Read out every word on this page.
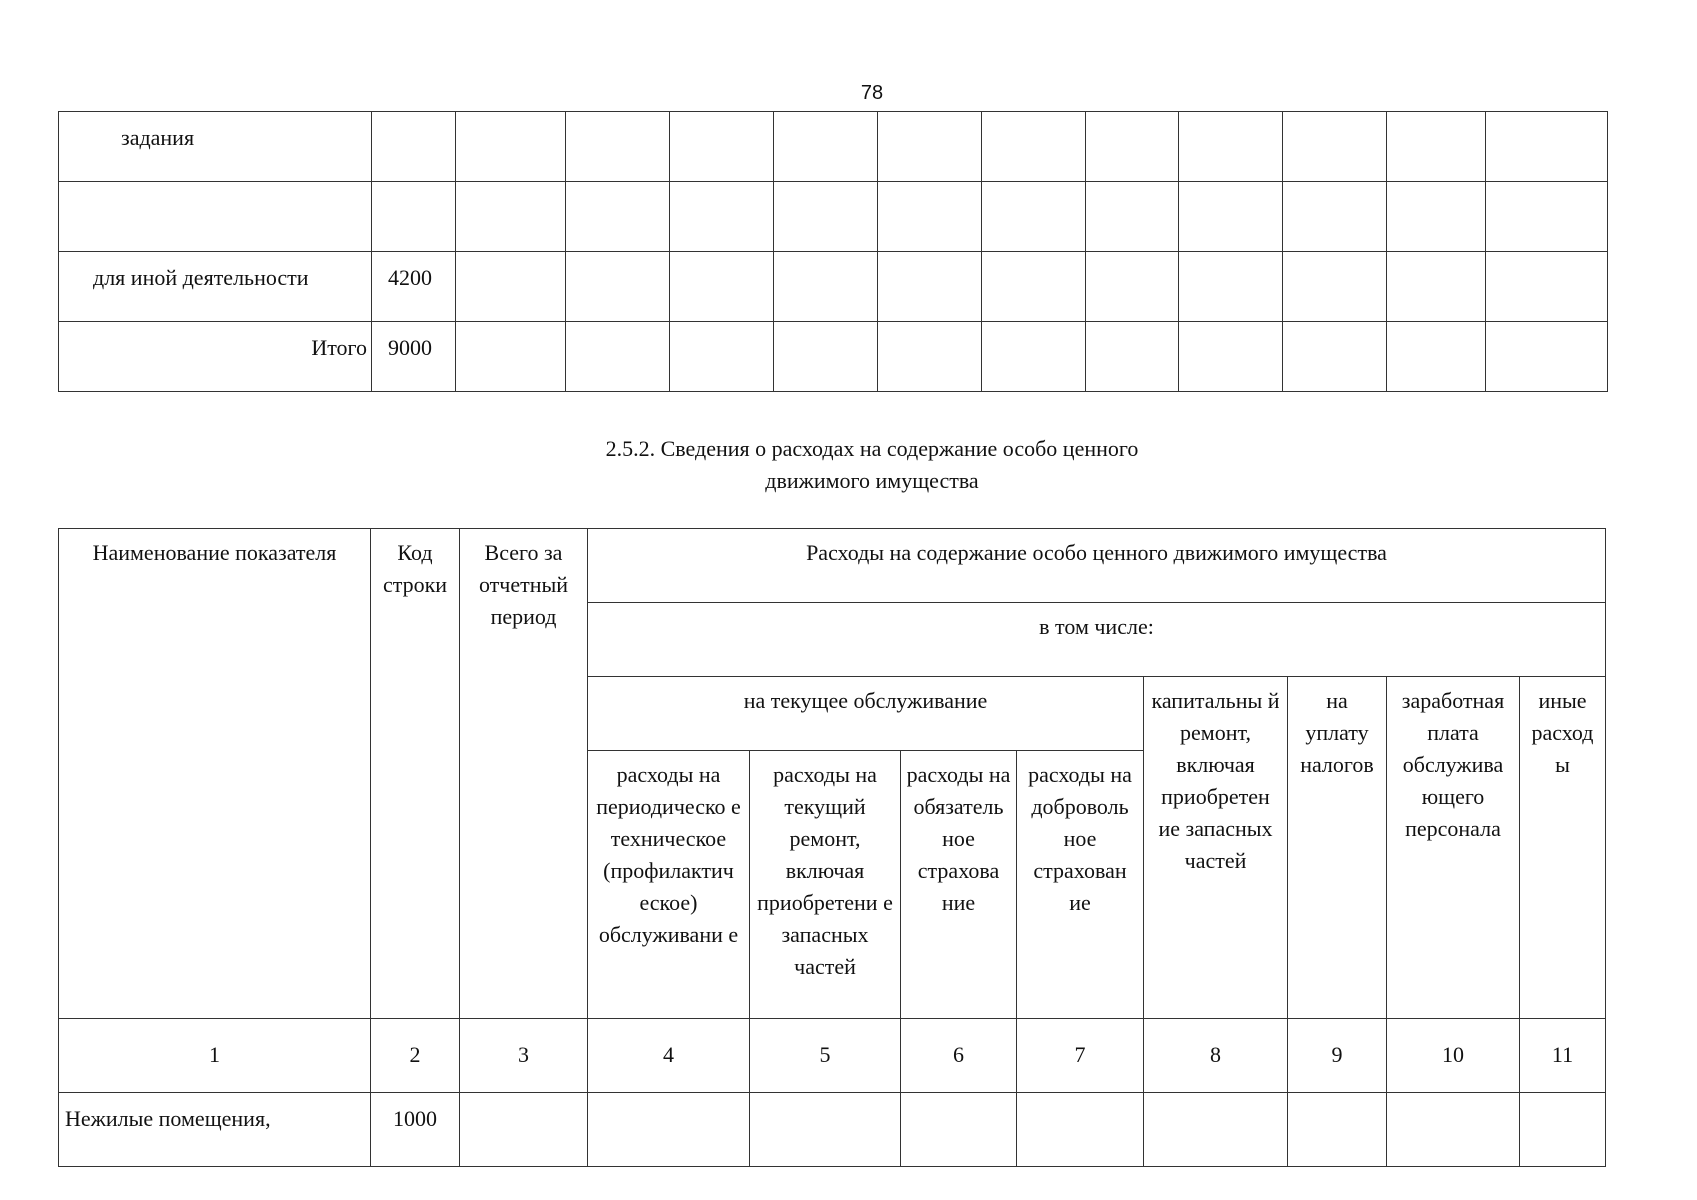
78
задания												

для иной деятельности	4200											
Итого	9000											
2.5.2. Сведения о расходах на содержание особо ценного
движимого имущества
Наименование показателя	Код строки	Всего за отчетный период	Расходы на содержание особо ценного движимого имущества							
			в том числе:							
			на текущее обслуживание				капитальны й ремонт, включая приобретен ие запасных частей	на уплату налогов	заработная плата обслужива ющего персонала	иные расход ы
			расходы на периодическо е техническое (профилактич еское) обслуживани е	расходы на текущий ремонт, включая приобретени е запасных частей	расходы на обязатель ное страхова ние	расходы на доброволь ное страхован ие				
1	2	3	4	5	6	7	8	9	10	11
Нежилые помещения,	1000									
